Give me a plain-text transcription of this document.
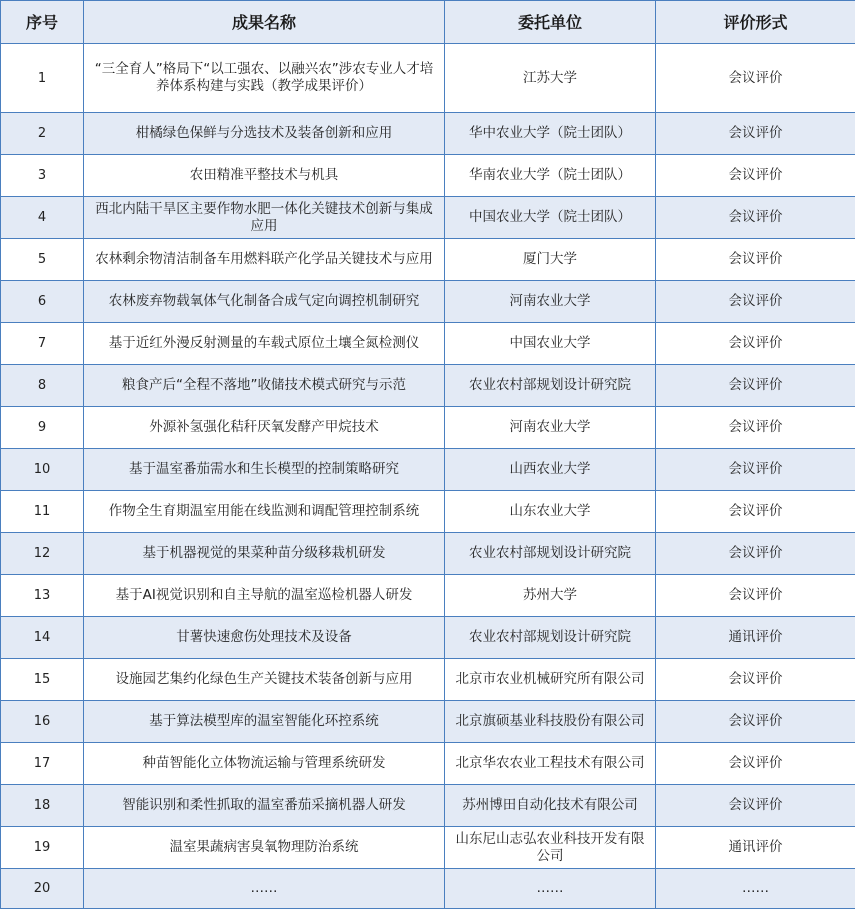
序号	成果名称	委托单位	评价形式
1	“三全育人”格局下“以工强农、以融兴农”涉农专业人才培养体系构建与实践（教学成果评价）	江苏大学	会议评价
2	柑橘绿色保鲜与分选技术及装备创新和应用	华中农业大学（院士团队）	会议评价
3	农田精准平整技术与机具	华南农业大学（院士团队）	会议评价
4	西北内陆干旱区主要作物水肥一体化关键技术创新与集成应用	中国农业大学（院士团队）	会议评价
5	农林剩余物清洁制备车用燃料联产化学品关键技术与应用	厦门大学	会议评价
6	农林废弃物载氧体气化制备合成气定向调控机制研究	河南农业大学	会议评价
7	基于近红外漫反射测量的车载式原位土壤全氮检测仪	中国农业大学	会议评价
8	粮食产后“全程不落地”收储技术模式研究与示范	农业农村部规划设计研究院	会议评价
9	外源补氢强化秸秆厌氧发酵产甲烷技术	河南农业大学	会议评价
10	基于温室番茄需水和生长模型的控制策略研究	山西农业大学	会议评价
11	作物全生育期温室用能在线监测和调配管理控制系统	山东农业大学	会议评价
12	基于机器视觉的果菜种苗分级移栽机研发	农业农村部规划设计研究院	会议评价
13	基于AI视觉识别和自主导航的温室巡检机器人研发	苏州大学	会议评价
14	甘薯快速愈伤处理技术及设备	农业农村部规划设计研究院	通讯评价
15	设施园艺集约化绿色生产关键技术装备创新与应用	北京市农业机械研究所有限公司	会议评价
16	基于算法模型库的温室智能化环控系统	北京旗硕基业科技股份有限公司	会议评价
17	种苗智能化立体物流运输与管理系统研发	北京华农农业工程技术有限公司	会议评价
18	智能识别和柔性抓取的温室番茄采摘机器人研发	苏州博田自动化技术有限公司	会议评价
19	温室果蔬病害臭氧物理防治系统	山东尼山志弘农业科技开发有限公司	通讯评价
20	……	……	……
